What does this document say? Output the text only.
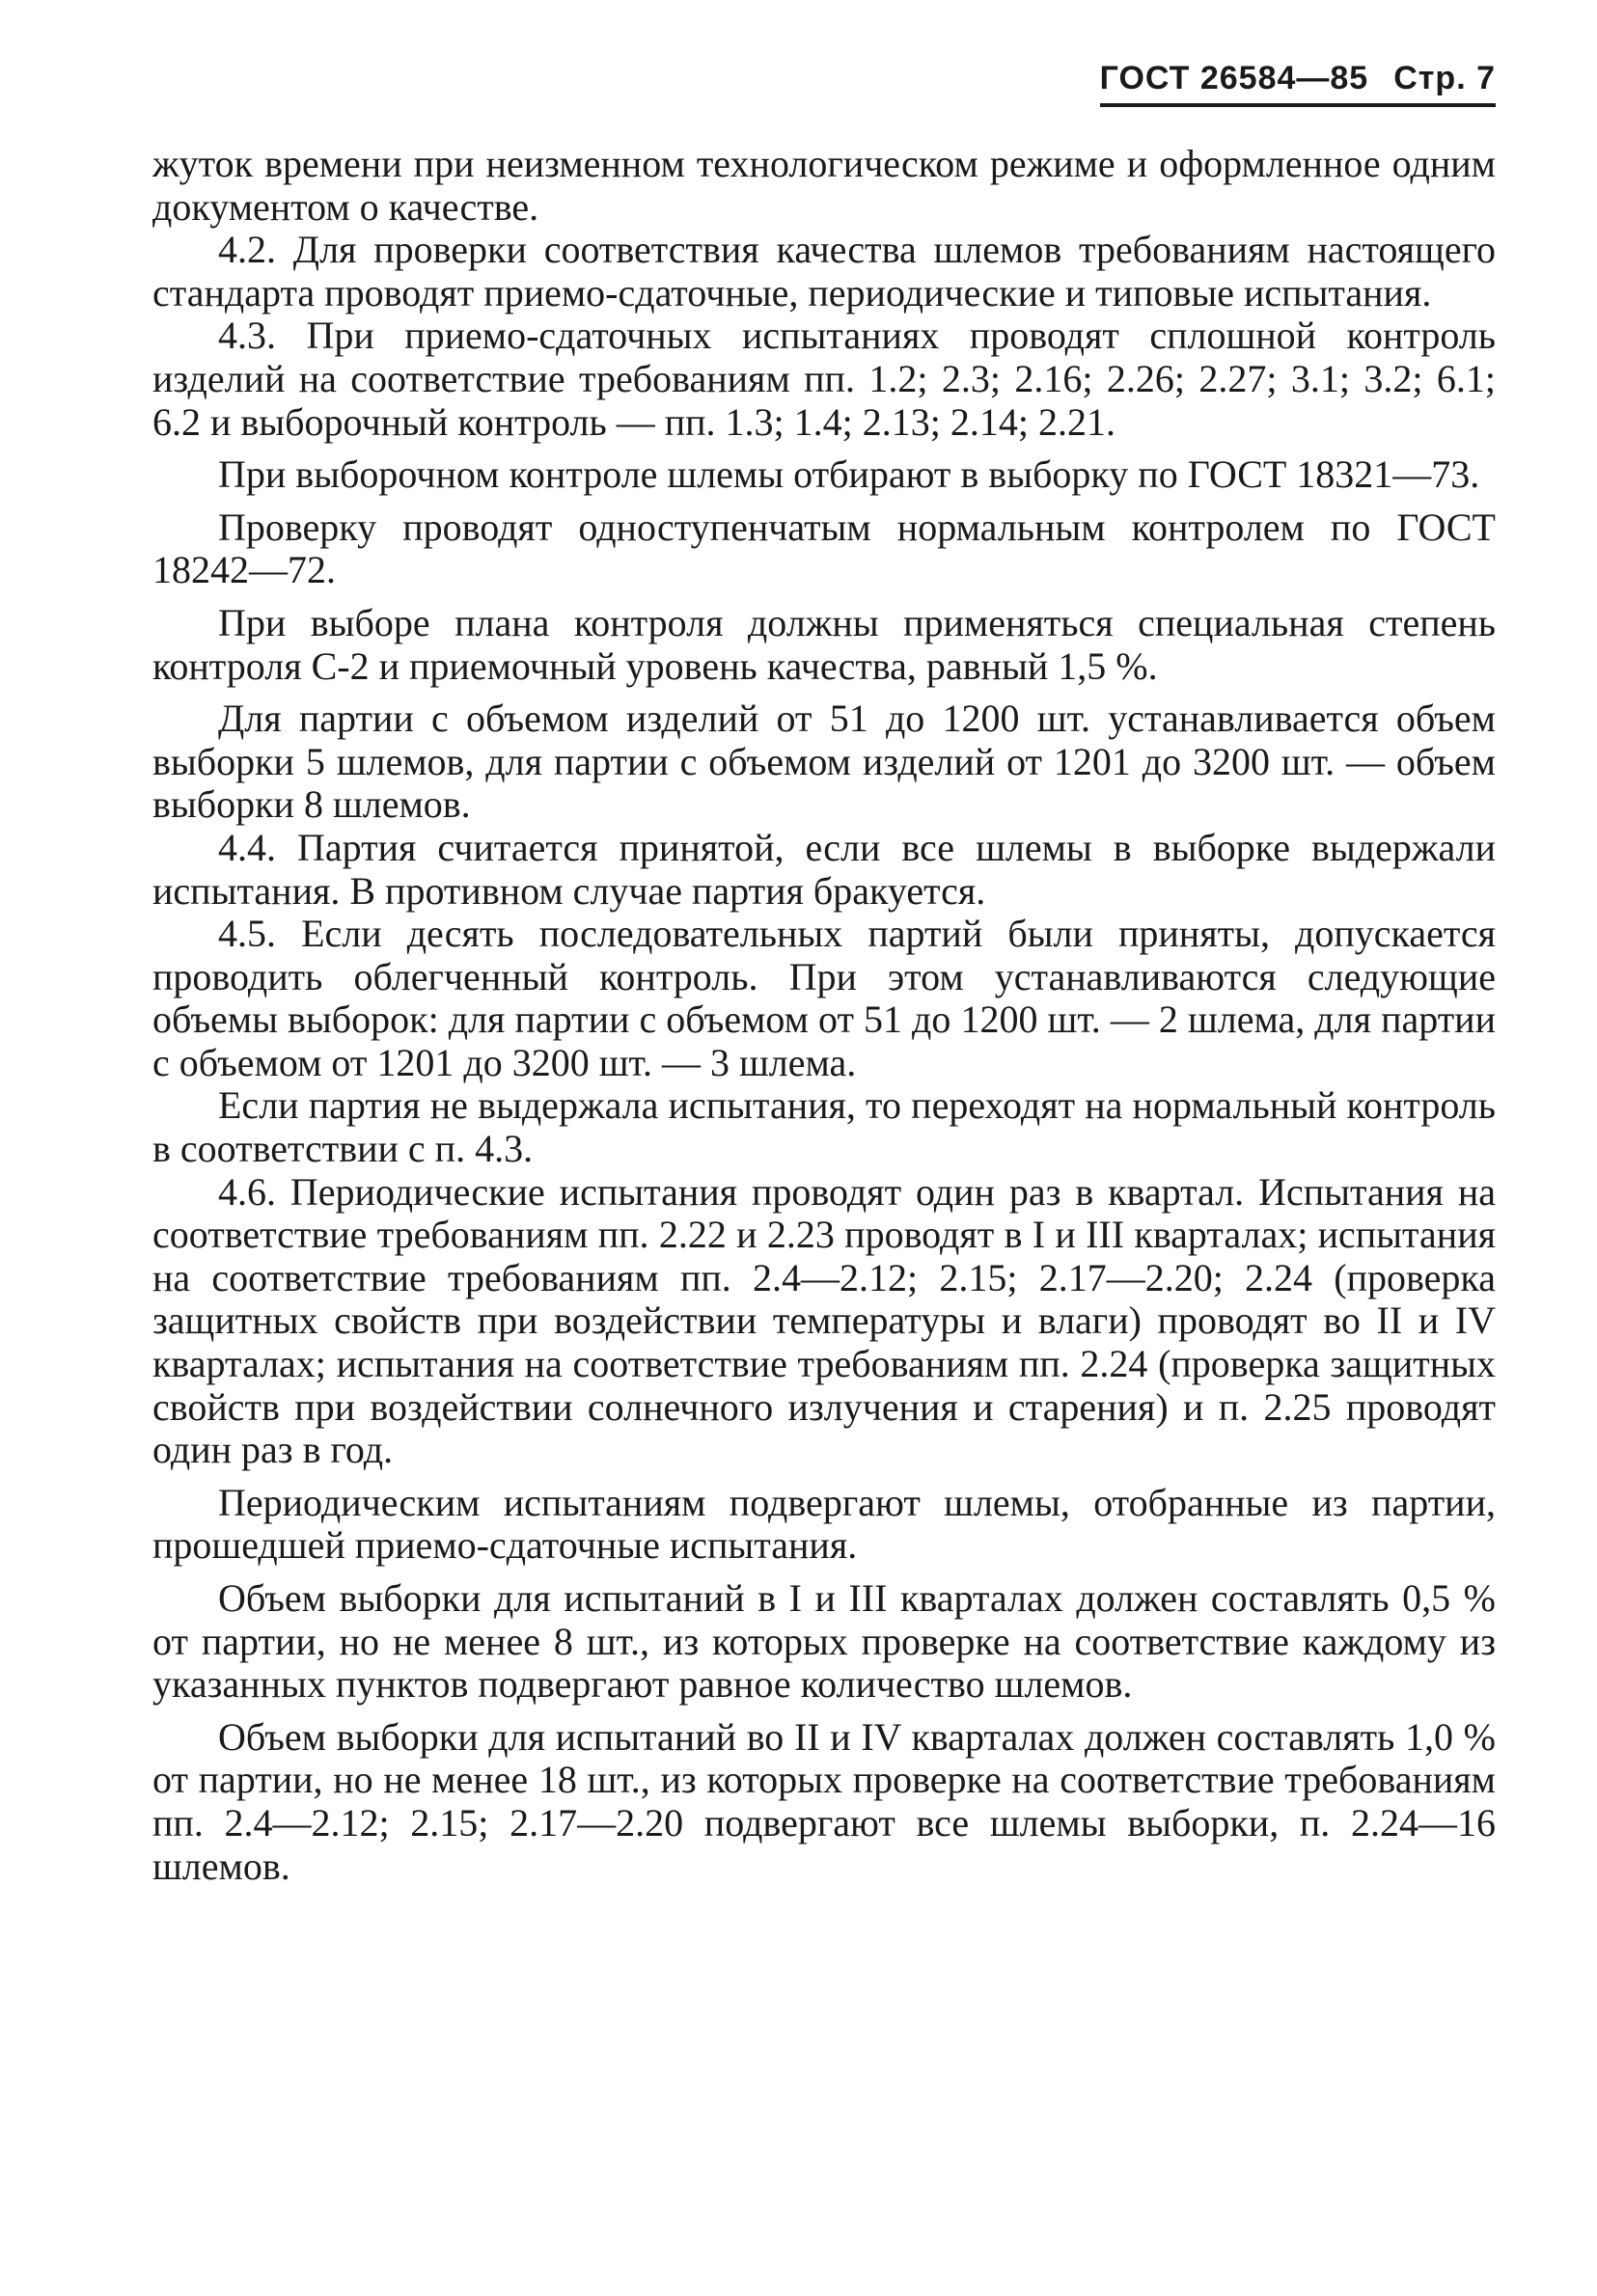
ГОСТ 26584—85 Стр. 7

жуток времени при неизменном технологическом режиме и оформленное одним документом о качестве.

4.2. Для проверки соответствия качества шлемов требованиям настоящего стандарта проводят приемо-сдаточные, периодические и типовые испытания.

4.3. При приемо-сдаточных испытаниях проводят сплошной контроль изделий на соответствие требованиям пп. 1.2; 2.3; 2.16; 2.26; 2.27; 3.1; 3.2; 6.1; 6.2 и выборочный контроль — пп. 1.3; 1.4; 2.13; 2.14; 2.21.

При выборочном контроле шлемы отбирают в выборку по ГОСТ 18321—73.

Проверку проводят одноступенчатым нормальным контролем по ГОСТ 18242—72.

При выборе плана контроля должны применяться специальная степень контроля С-2 и приемочный уровень качества, равный 1,5 %.

Для партии с объемом изделий от 51 до 1200 шт. устанавливается объем выборки 5 шлемов, для партии с объемом изделий от 1201 до 3200 шт. — объем выборки 8 шлемов.

4.4. Партия считается принятой, если все шлемы в выборке выдержали испытания. В противном случае партия бракуется.

4.5. Если десять последовательных партий были приняты, допускается проводить облегченный контроль. При этом устанавливаются следующие объемы выборок: для партии с объемом от 51 до 1200 шт. — 2 шлема, для партии с объемом от 1201 до 3200 шт. — 3 шлема.

Если партия не выдержала испытания, то переходят на нормальный контроль в соответствии с п. 4.3.

4.6. Периодические испытания проводят один раз в квартал. Испытания на соответствие требованиям пп. 2.22 и 2.23 проводят в I и III кварталах; испытания на соответствие требованиям пп. 2.4—2.12; 2.15; 2.17—2.20; 2.24 (проверка защитных свойств при воздействии температуры и влаги) проводят во II и IV кварталах; испытания на соответствие требованиям пп. 2.24 (проверка защитных свойств при воздействии солнечного излучения и старения) и п. 2.25 проводят один раз в год.

Периодическим испытаниям подвергают шлемы, отобранные из партии, прошедшей приемо-сдаточные испытания.

Объем выборки для испытаний в I и III кварталах должен составлять 0,5 % от партии, но не менее 8 шт., из которых проверке на соответствие каждому из указанных пунктов подвергают равное количество шлемов.

Объем выборки для испытаний во II и IV кварталах должен составлять 1,0 % от партии, но не менее 18 шт., из которых проверке на соответствие требованиям пп. 2.4—2.12; 2.15; 2.17—2.20 подвергают все шлемы выборки, п. 2.24—16 шлемов.
